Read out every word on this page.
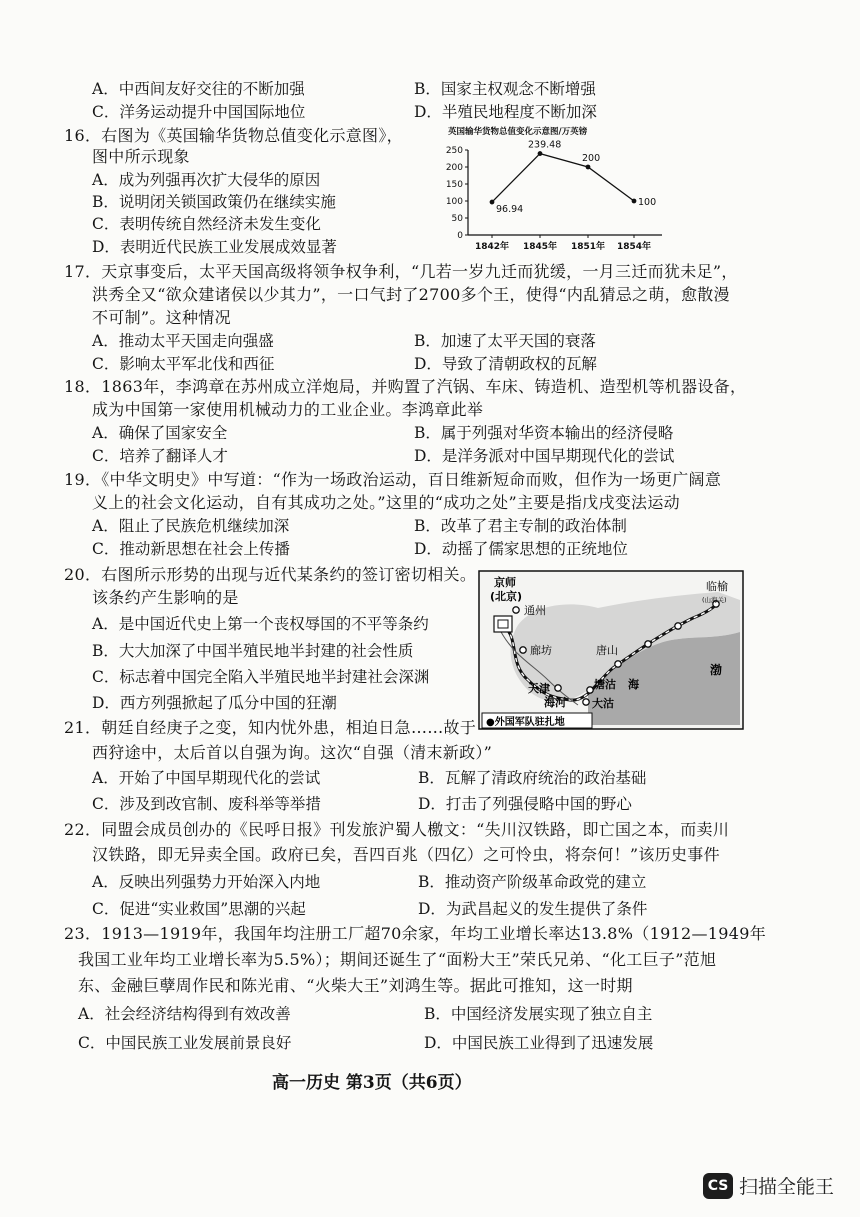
A．中西间友好交往的不断加强	B．国家主权观念不断增强
C．洋务运动提升中国国际地位	D．半殖民地程度不断加深
16．右图为《英国输华货物总值变化示意图》，
图中所示现象
A．成为列强再次扩大侵华的原因
B．说明闭关锁国政策仍在继续实施
C．表明传统自然经济未发生变化
D．表明近代民族工业发展成效显著
英国输华货物总值变化示意图/万英镑
250
200
150
100
50
0
96.94
239.48
200
100
1842年 1845年 1851年 1854年
17．天京事变后，太平天国高级将领争权争利，“几若一岁九迁而犹缓，一月三迁而犹未足”，
洪秀全又“欲众建诸侯以少其力”，一口气封了2700多个王，使得“内乱猜忌之萌，愈散漫
不可制”。这种情况
A．推动太平天国走向强盛	B．加速了太平天国的衰落
C．影响太平军北伐和西征	D．导致了清朝政权的瓦解
18．1863年，李鸿章在苏州成立洋炮局，并购置了汽锅、车床、铸造机、造型机等机器设备，
成为中国第一家使用机械动力的工业企业。李鸿章此举
A．确保了国家安全	B．属于列强对华资本输出的经济侵略
C．培养了翻译人才	D．是洋务派对中国早期现代化的尝试
19．《中华文明史》中写道：“作为一场政治运动，百日维新短命而败，但作为一场更广阔意
义上的社会文化运动，自有其成功之处。”这里的“成功之处”主要是指戊戌变法运动
A．阻止了民族危机继续加深	B．改革了君主专制的政治体制
C．推动新思想在社会上传播	D．动摇了儒家思想的正统地位
20．右图所示形势的出现与近代某条约的签订密切相关。
该条约产生影响的是
A．是中国近代史上第一个丧权辱国的不平等条约
B．大大加深了中国半殖民地半封建的社会性质
C．标志着中国完全陷入半殖民地半封建社会深渊
D．西方列强掀起了瓜分中国的狂潮
京师
(北京)
通州
廊坊	唐山
临榆
(山海关)
渤
天津
海河
塘沽 海
大沽
●外国军队驻扎地
21．朝廷自经庚子之变，知内忧外患，相迫日急……故于
西狩途中，太后首以自强为询。这次“自强（清末新政）”
A．开始了中国早期现代化的尝试	B．瓦解了清政府统治的政治基础
C．涉及到改官制、废科举等举措	D．打击了列强侵略中国的野心
22．同盟会成员创办的《民呼日报》刊发旅沪蜀人檄文：“失川汉铁路，即亡国之本，而卖川
汉铁路，即无异卖全国。政府已矣，吾四百兆（四亿）之可怜虫，将奈何！”该历史事件
A．反映出列强势力开始深入内地	B．推动资产阶级革命政党的建立
C．促进“实业救国”思潮的兴起	D．为武昌起义的发生提供了条件
23．1913—1919年，我国年均注册工厂超70余家，年均工业增长率达13.8%（1912—1949年
我国工业年均工业增长率为5.5%）；期间还诞生了“面粉大王”荣氏兄弟、“化工巨子”范旭
东、金融巨孽周作民和陈光甫、“火柴大王”刘鸿生等。据此可推知，这一时期
A．社会经济结构得到有效改善	B．中国经济发展实现了独立自主
C．中国民族工业发展前景良好	D．中国民族工业得到了迅速发展
高一历史 第3页（共6页）
CS 扫描全能王
